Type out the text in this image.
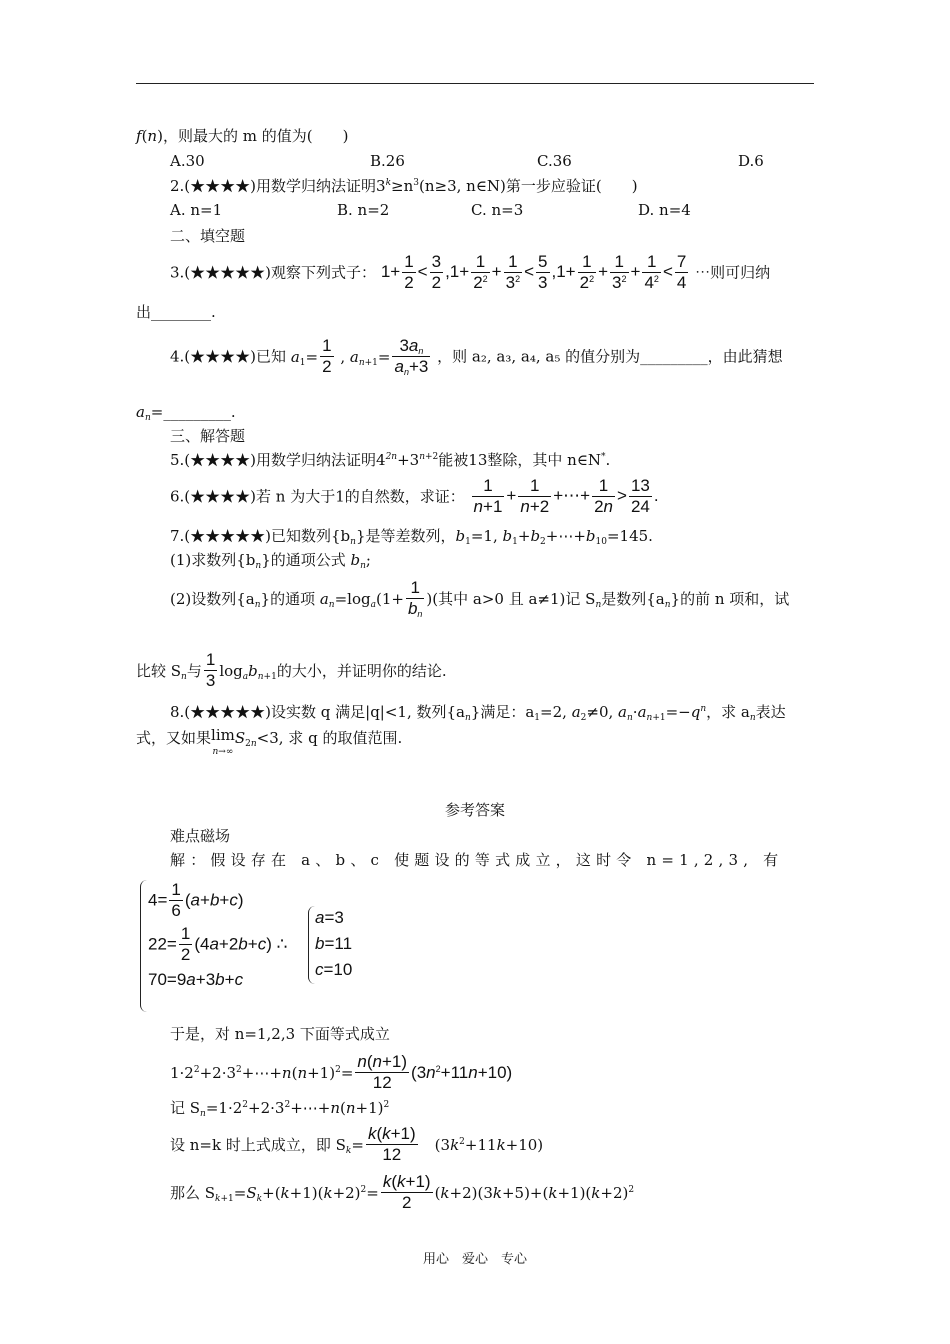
f(n)，则最大的 m 的值为(　　)
A.30	B.26	C.36	D.6
2.(★★★★)用数学归纳法证明$3^k\ge n^3(n\ge 3$, n∈N)第一步应验证(　　)
A. n=1	B. n=2	C. n=3	D. n=4
二、填空题
3.(★★★★★)观察下列式子： $1+ \frac{1}{2} < \frac{3}{2} ,1+ \frac{1}{2^2} + \frac{1}{3^2} < \frac{5}{3} ,1+ \frac{1}{2^2} + \frac{1}{3^2} + \frac{1}{4^2} < \frac{7}{4}$ ⋯则可归纳
出________.
4.(★★★★)已知 $a_1= \frac{1}{2}$ , $a_{n+1}= \frac{3a_n}{a_n+3}$ ，则 a₂, a₃, a₄, a₅ 的值分别为_________，由此猜想
$a_n=\_\_\_\_\_\_\_\_\_$.
三、解答题
5.(★★★★)用数学归纳法证明$4^{2n}+3^{n+2}$能被13整除，其中 n∈N*.
6.(★★★★)若 n 为大于1的自然数，求证： $\frac{1}{n+1} + \frac{1}{n+2}$ +⋯+ $\frac{1}{2n} > \frac{13}{24}$ .
7.(★★★★★)已知数列$\{b_n\}$是等差数列，$b_1=1$, $b_1+b_2+\cdots+b_{10}=145$.
(1)求数列$\{b_n\}$的通项公式 $b_n$;
(2)设数列$\{a_n\}$的通项 $a_n=\log_a(1+ \frac{1}{b_n}$ )(其中 a>0 且 a≠1)记 $S_n$是数列$\{a_n\}$的前 n 项和，试
比较 $S_n$与 $\frac{1}{3} \log_ab_{n+1}$的大小，并证明你的结论.
8.(★★★★★)设实数 q 满足|q|<1, 数列$\{a_n\}$满足：$a_1=2$, $a_2\ne 0$, $a_n\cdot a_{n+1}=-q^n$，求 $a_n$表达
式，又如果lim
$n\to\infty S_{2n}<3$, 求 q 的取值范围.
参考答案
难点磁场
解：假设存在 a、b、c 使题设的等式成立，这时令 n=1,2,3, 有
$4= \frac{1}{6} (a+b+c)$
$22= \frac{1}{2} (4a+2b+c)$ ∴
70=9a+3b+c
a=3
b=11
c=10
于是，对 n=1,2,3 下面等式成立
$1\cdot 2^2+2\cdot 3^2+\cdots+n(n+1)^2= \frac{n(n+1)}{12} (3n^2+11n+10)$
记 $S_n=1\cdot 2^2+2\cdot 3^2+\cdots+n(n+1)^2$
设 n=k 时上式成立，即 $S_k= \frac{k(k+1)}{12}$ 　$(3k^2+11k+10)$
那么 $S_{k+1}=S_k+(k+1)(k+2)^2= \frac{k(k+1)}{2} (k+2)(3k+5)+(k+1)(k+2)^2$
用心　爱心　专心
